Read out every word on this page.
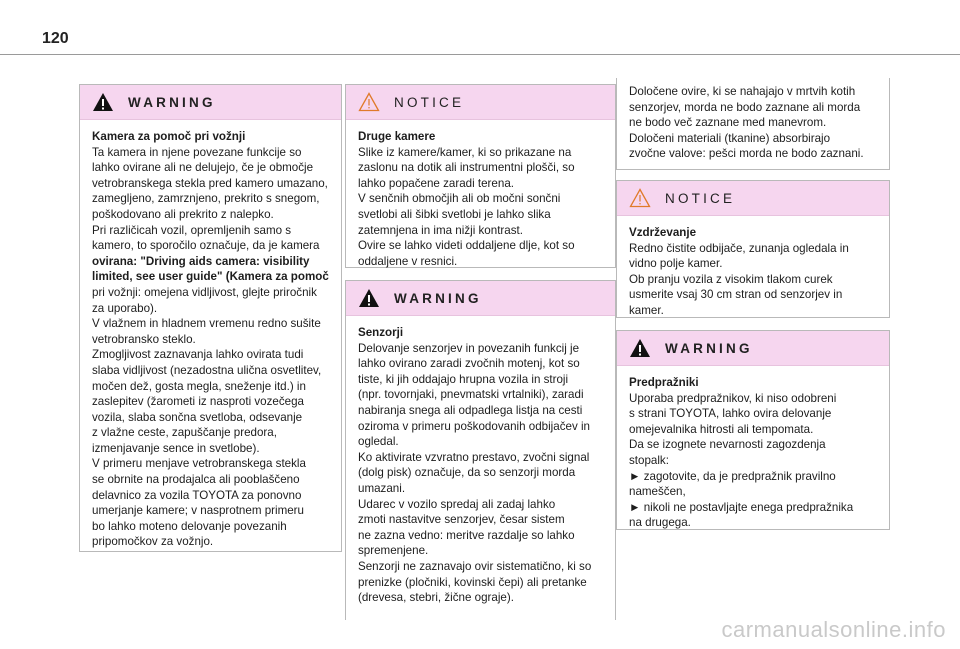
120
WARNING

Kamera za pomoč pri vožnji

Ta kamera in njene povezane funkcije so

lahko ovirane ali ne delujejo, če je območje

vetrobranskega stekla pred kamero umazano,

zamegljeno, zamrznjeno, prekrito s snegom,

poškodovano ali prekrito z nalepko.

Pri različicah vozil, opremljenih samo s

kamero, to sporočilo označuje, da je kamera

ovirana: "Driving aids camera: visibility

limited, see user guide" (Kamera za pomoč

pri vožnji: omejena vidljivost, glejte priročnik

za uporabo).

V vlažnem in hladnem vremenu redno sušite

vetrobransko steklo.

Zmogljivost zaznavanja lahko ovirata tudi

slaba vidljivost (nezadostna ulična osvetlitev,

močen dež, gosta megla, sneženje itd.) in

zaslepitev (žarometi iz nasproti vozečega

vozila, slaba sončna svetloba, odsevanje

z vlažne ceste, zapuščanje predora,

izmenjavanje sence in svetlobe).

V primeru menjave vetrobranskega stekla

se obrnite na prodajalca ali pooblaščeno

delavnico za vozila TOYOTA za ponovno

umerjanje kamere; v nasprotnem primeru

bo lahko moteno delovanje povezanih

pripomočkov za vožnjo.

NOTICE

Druge kamere

Slike iz kamere/kamer, ki so prikazane na

zaslonu na dotik ali instrumentni plošči, so

lahko popačene zaradi terena.

V senčnih območjih ali ob močni sončni

svetlobi ali šibki svetlobi je lahko slika

zatemnjena in ima nižji kontrast.

Ovire se lahko videti oddaljene dlje, kot so

oddaljene v resnici.

WARNING

Senzorji

Delovanje senzorjev in povezanih funkcij je

lahko ovirano zaradi zvočnih motenj, kot so

tiste, ki jih oddajajo hrupna vozila in stroji

(npr. tovornjaki, pnevmatski vrtalniki), zaradi

nabiranja snega ali odpadlega listja na cesti

oziroma v primeru poškodovanih odbijačev in

ogledal.

Ko aktivirate vzvratno prestavo, zvočni signal

(dolg pisk) označuje, da so senzorji morda

umazani.

Udarec v vozilo spredaj ali zadaj lahko

zmoti nastavitve senzorjev, česar sistem

ne zazna vedno: meritve razdalje so lahko

spremenjene.

Senzorji ne zaznavajo ovir sistematično, ki so

prenizke (pločniki, kovinski čepi) ali pretanke

(drevesa, stebri, žične ograje).

Določene ovire, ki se nahajajo v mrtvih kotih

senzorjev, morda ne bodo zaznane ali morda

ne bodo več zaznane med manevrom.

Določeni materiali (tkanine) absorbirajo

zvočne valove: pešci morda ne bodo zaznani.

NOTICE

Vzdrževanje

Redno čistite odbijače, zunanja ogledala in

vidno polje kamer.

Ob pranju vozila z visokim tlakom curek

usmerite vsaj 30 cm stran od senzorjev in

kamer.

WARNING

Predpražniki

Uporaba predpražnikov, ki niso odobreni

s strani TOYOTA, lahko ovira delovanje

omejevalnika hitrosti ali tempomata.

Da se izognete nevarnosti zagozdenja

stopalk:

► zagotovite, da je predpražnik pravilno

nameščen,

► nikoli ne postavljajte enega predpražnika

na drugega.

carmanualsonline.info
